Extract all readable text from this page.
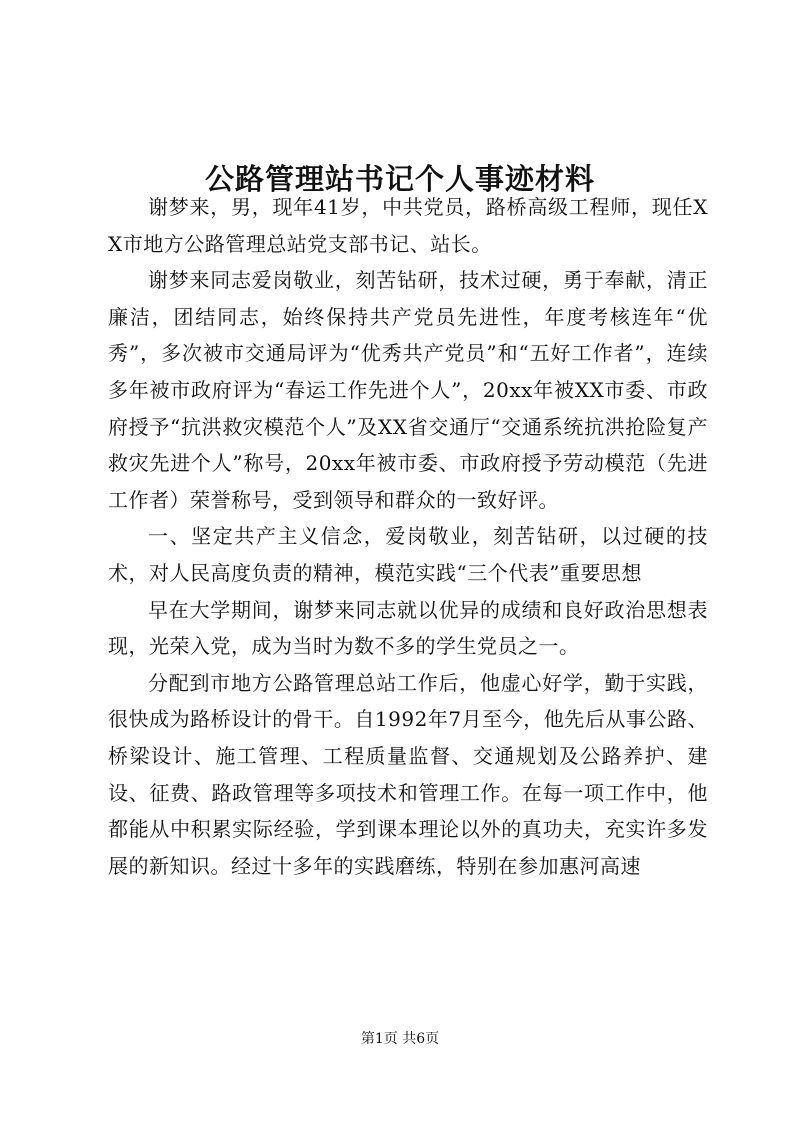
公路管理站书记个人事迹材料

谢梦来，男，现年41岁，中共党员，路桥高级工程师，现任XX市地方公路管理总站党支部书记、站长。

谢梦来同志爱岗敬业，刻苦钻研，技术过硬，勇于奉献，清正廉洁，团结同志，始终保持共产党员先进性，年度考核连年“优秀”，多次被市交通局评为“优秀共产党员”和“五好工作者”，连续多年被市政府评为“春运工作先进个人”，20xx年被XX市委、市政府授予“抗洪救灾模范个人”及XX省交通厅“交通系统抗洪抢险复产救灾先进个人”称号，20xx年被市委、市政府授予劳动模范（先进工作者）荣誉称号，受到领导和群众的一致好评。

一、坚定共产主义信念，爱岗敬业，刻苦钻研，以过硬的技术，对人民高度负责的精神，模范实践“三个代表”重要思想

早在大学期间，谢梦来同志就以优异的成绩和良好政治思想表现，光荣入党，成为当时为数不多的学生党员之一。

分配到市地方公路管理总站工作后，他虚心好学，勤于实践，很快成为路桥设计的骨干。自1992年7月至今，他先后从事公路、桥梁设计、施工管理、工程质量监督、交通规划及公路养护、建设、征费、路政管理等多项技术和管理工作。在每一项工作中，他都能从中积累实际经验，学到课本理论以外的真功夫，充实许多发展的新知识。经过十多年的实践磨练，特别在参加惠河高速

第1页 共6页
